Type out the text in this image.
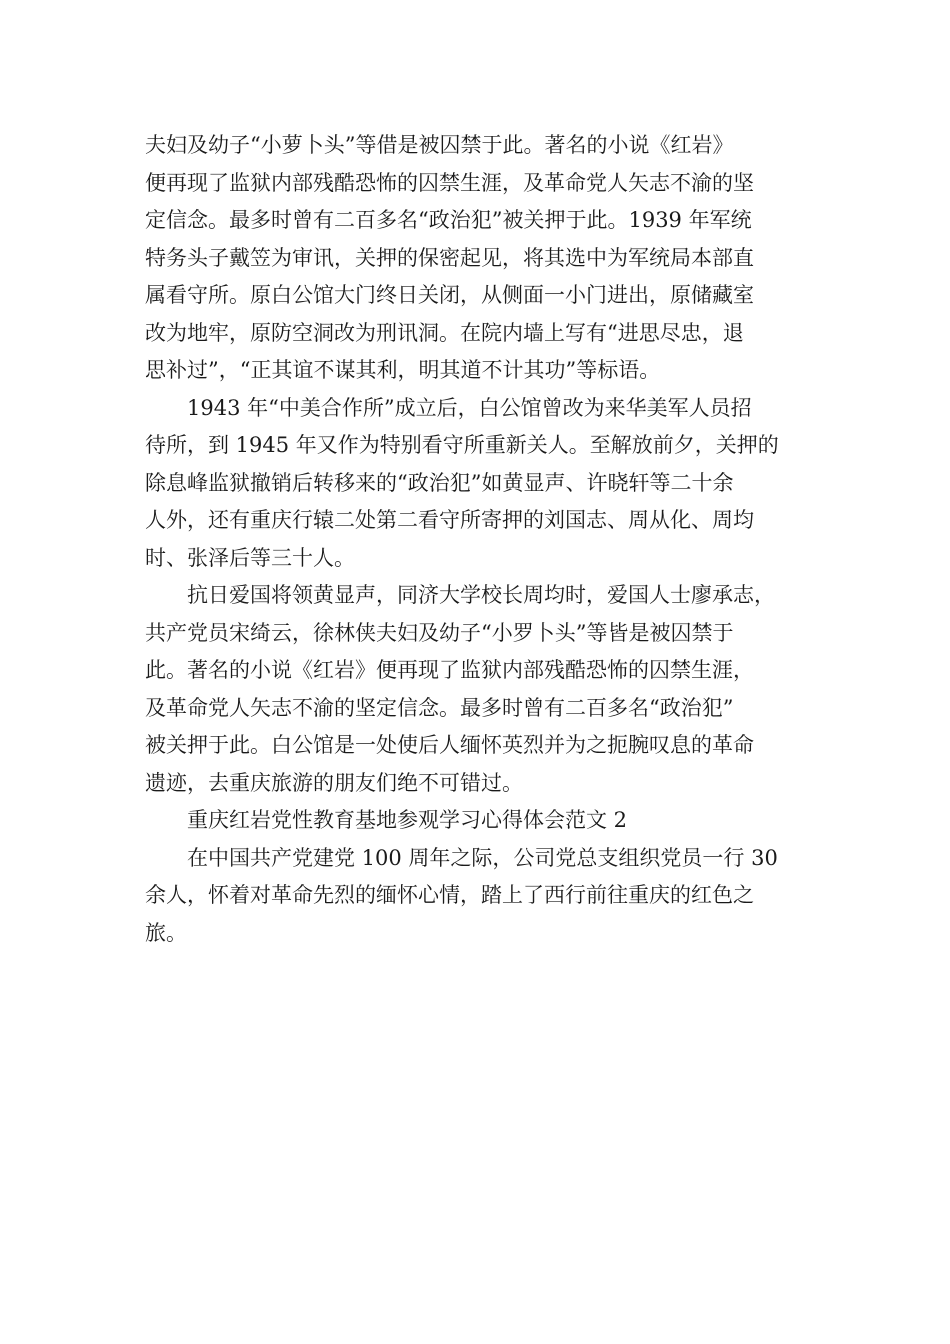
夫妇及幼子“小萝卜头”等借是被囚禁于此。著名的小说《红岩》
便再现了监狱内部残酷恐怖的囚禁生涯，及革命党人矢志不渝的坚
定信念。最多时曾有二百多名“政治犯”被关押于此。1939 年军统
特务头子戴笠为审讯，关押的保密起见，将其选中为军统局本部直
属看守所。原白公馆大门终日关闭，从侧面一小门进出，原储藏室
改为地牢，原防空洞改为刑讯洞。在院内墙上写有“进思尽忠，退
思补过”，“正其谊不谋其利，明其道不计其功”等标语。
1943 年“中美合作所”成立后，白公馆曾改为来华美军人员招
待所，到 1945 年又作为特别看守所重新关人。至解放前夕，关押的
除息峰监狱撤销后转移来的“政治犯”如黄显声、许晓轩等二十余
人外，还有重庆行辕二处第二看守所寄押的刘国志、周从化、周均
时、张泽后等三十人。
抗日爱国将领黄显声，同济大学校长周均时，爱国人士廖承志，
共产党员宋绮云，徐林侠夫妇及幼子“小罗卜头”等皆是被囚禁于
此。著名的小说《红岩》便再现了监狱内部残酷恐怖的囚禁生涯，
及革命党人矢志不渝的坚定信念。最多时曾有二百多名“政治犯”
被关押于此。白公馆是一处使后人缅怀英烈并为之扼腕叹息的革命
遗迹，去重庆旅游的朋友们绝不可错过。
重庆红岩党性教育基地参观学习心得体会范文 2
在中国共产党建党 100 周年之际，公司党总支组织党员一行 30
余人，怀着对革命先烈的缅怀心情，踏上了西行前往重庆的红色之
旅。
